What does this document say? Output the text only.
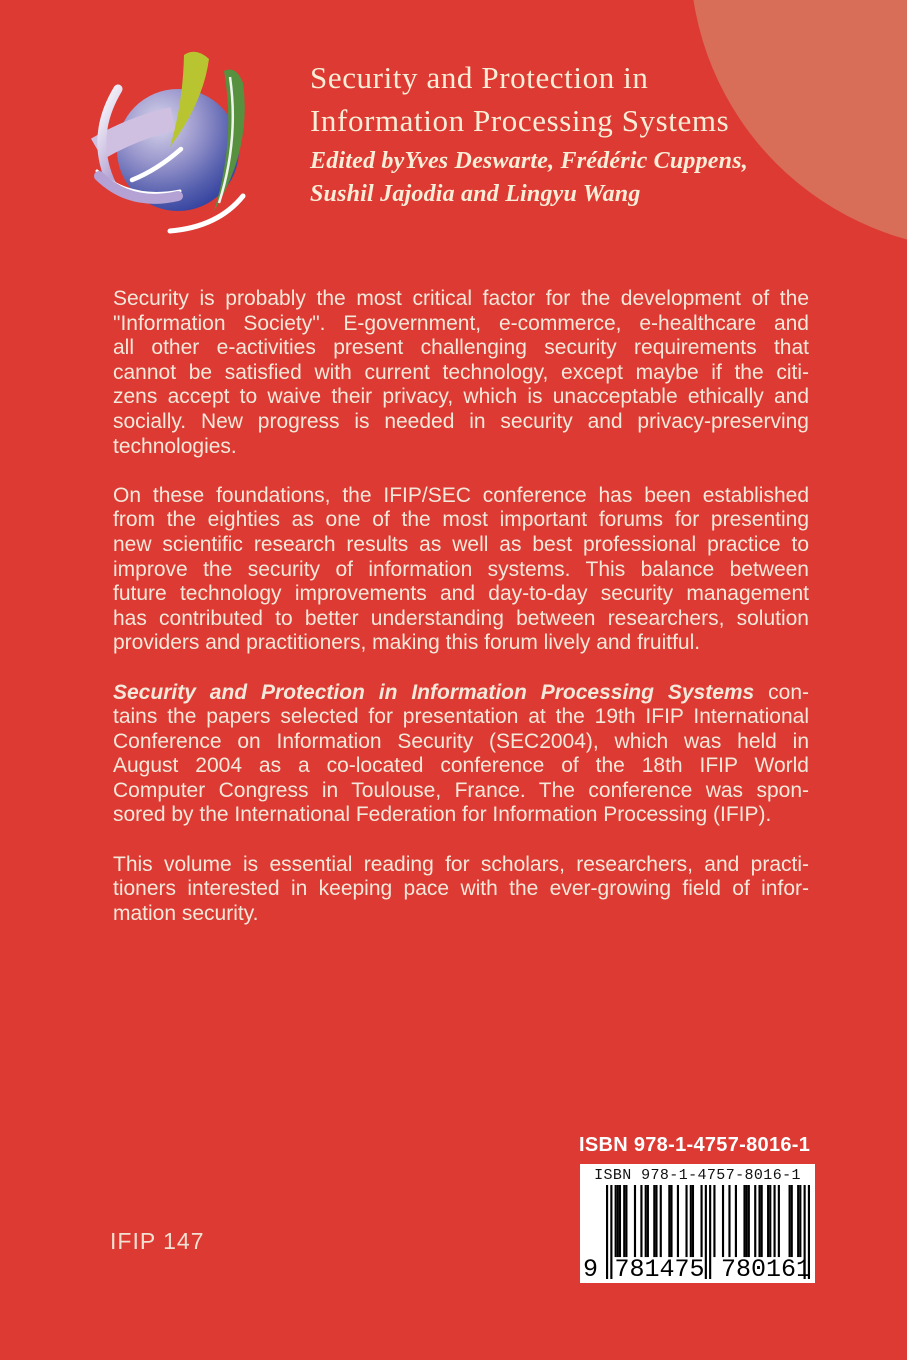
Security and Protection in
Information Processing Systems
Edited byYves Deswarte, Frédéric Cuppens,
Sushil Jajodia and Lingyu Wang
Security is probably the most critical factor for the development of the
"Information Society". E-government, e-commerce, e-healthcare and
all other e-activities present challenging security requirements that
cannot be satisfied with current technology, except maybe if the citi-
zens accept to waive their privacy, which is unacceptable ethically and
socially. New progress is needed in security and privacy-preserving
technologies.
On these foundations, the IFIP/SEC conference has been established
from the eighties as one of the most important forums for presenting
new scientific research results as well as best professional practice to
improve the security of information systems. This balance between
future technology improvements and day-to-day security management
has contributed to better understanding between researchers, solution
providers and practitioners, making this forum lively and fruitful.
Security and Protection in Information Processing Systems con-
tains the papers selected for presentation at the 19th IFIP International
Conference on Information Security (SEC2004), which was held in
August 2004 as a co-located conference of the 18th IFIP World
Computer Congress in Toulouse, France. The conference was spon-
sored by the International Federation for Information Processing (IFIP).
This volume is essential reading for scholars, researchers, and practi-
tioners interested in keeping pace with the ever-growing field of infor-
mation security.
ISBN 978-1-4757-8016-1
ISBN 978-1-4757-8016-1
9 781475 780161
IFIP 147
